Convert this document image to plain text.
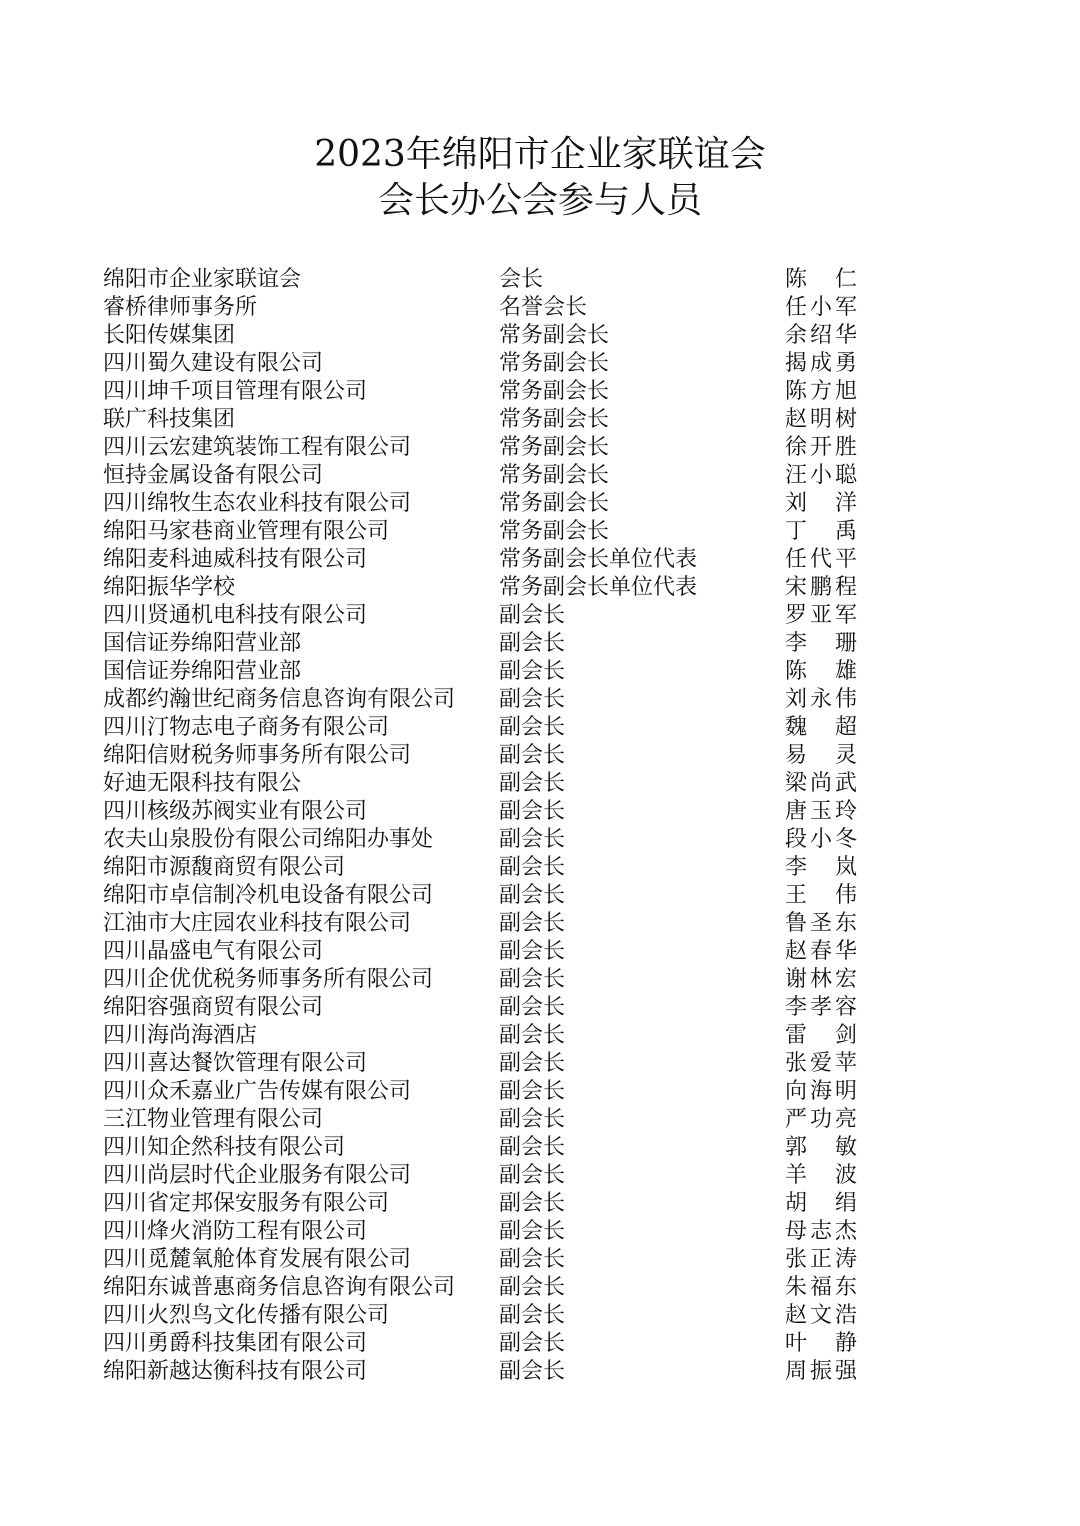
2023年绵阳市企业家联谊会
会长办公会参与人员
绵阳市企业家联谊会	会长	陈　仁
睿桥律师事务所	名誉会长	任小军
长阳传媒集团	常务副会长	余绍华
四川蜀久建设有限公司	常务副会长	揭成勇
四川坤千项目管理有限公司	常务副会长	陈方旭
联广科技集团	常务副会长	赵明树
四川云宏建筑装饰工程有限公司	常务副会长	徐开胜
恒持金属设备有限公司	常务副会长	汪小聪
四川绵牧生态农业科技有限公司	常务副会长	刘　洋
绵阳马家巷商业管理有限公司	常务副会长	丁　禹
绵阳麦科迪威科技有限公司	常务副会长单位代表	任代平
绵阳振华学校	常务副会长单位代表	宋鹏程
四川贤通机电科技有限公司	副会长	罗亚军
国信证券绵阳营业部	副会长	李　珊
国信证券绵阳营业部	副会长	陈　雄
成都约瀚世纪商务信息咨询有限公司	副会长	刘永伟
四川汀物志电子商务有限公司	副会长	魏　超
绵阳信财税务师事务所有限公司	副会长	易　灵
好迪无限科技有限公	副会长	梁尚武
四川核级苏阀实业有限公司	副会长	唐玉玲
农夫山泉股份有限公司绵阳办事处	副会长	段小冬
绵阳市源馥商贸有限公司	副会长	李　岚
绵阳市卓信制冷机电设备有限公司	副会长	王　伟
江油市大庄园农业科技有限公司	副会长	鲁圣东
四川晶盛电气有限公司	副会长	赵春华
四川企优优税务师事务所有限公司	副会长	谢林宏
绵阳容强商贸有限公司	副会长	李孝容
四川海尚海酒店	副会长	雷　剑
四川喜达餐饮管理有限公司	副会长	张爱苹
四川众禾嘉业广告传媒有限公司	副会长	向海明
三江物业管理有限公司	副会长	严功亮
四川知企然科技有限公司	副会长	郭　敏
四川尚层时代企业服务有限公司	副会长	羊　波
四川省定邦保安服务有限公司	副会长	胡　绢
四川烽火消防工程有限公司	副会长	母志杰
四川觅麓氧舱体育发展有限公司	副会长	张正涛
绵阳东诚普惠商务信息咨询有限公司	副会长	朱福东
四川火烈鸟文化传播有限公司	副会长	赵文浩
四川勇爵科技集团有限公司	副会长	叶　静
绵阳新越达衡科技有限公司	副会长	周振强
